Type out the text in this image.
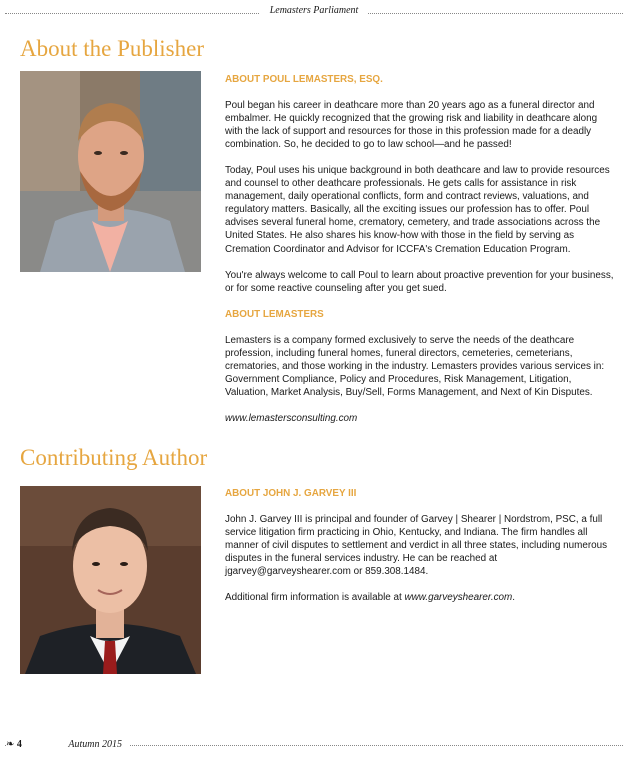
Lemasters Parliament
About the Publisher

ABOUT POUL LEMASTERS, ESQ.

Poul began his career in deathcare more than 20 years ago as a funeral director and embalmer. He quickly recognized that the growing risk and liability in deathcare along with the lack of support and resources for those in this profession made for a deadly combination. So, he decided to go to law school—and he passed!

Today, Poul uses his unique background in both deathcare and law to provide resources and counsel to other deathcare professionals. He gets calls for assistance in risk management, daily operational conflicts, form and contract reviews, valuations, and regulatory matters. Basically, all the exciting issues our profession has to offer. Poul advises several funeral home, crematory, cemetery, and trade associations across the United States. He also shares his know-how with those in the field by serving as Cremation Coordinator and Advisor for ICCFA's Cremation Education Program.

You're always welcome to call Poul to learn about proactive prevention for your business, or for some reactive counseling after you get sued.

ABOUT LEMASTERS

Lemasters is a company formed exclusively to serve the needs of the deathcare profession, including funeral homes, funeral directors, cemeteries, cemeterians, crematories, and those working in the industry. Lemasters provides various services in: Government Compliance, Policy and Procedures, Risk Management, Litigation, Valuation, Market Analysis, Buy/Sell, Forms Management, and Next of Kin Disputes.

www.lemastersconsulting.com

Contributing Author

ABOUT JOHN J. GARVEY III

John J. Garvey III is principal and founder of Garvey | Shearer | Nordstrom, PSC, a full service litigation firm practicing in Ohio, Kentucky, and Indiana. The firm handles all manner of civil disputes to settlement and verdict in all three states, including numerous disputes in the funeral services industry. He can be reached at jgarvey@garveyshearer.com or 859.308.1484.

Additional firm information is available at www.garveyshearer.com.

❧ 4	Autumn 2015
